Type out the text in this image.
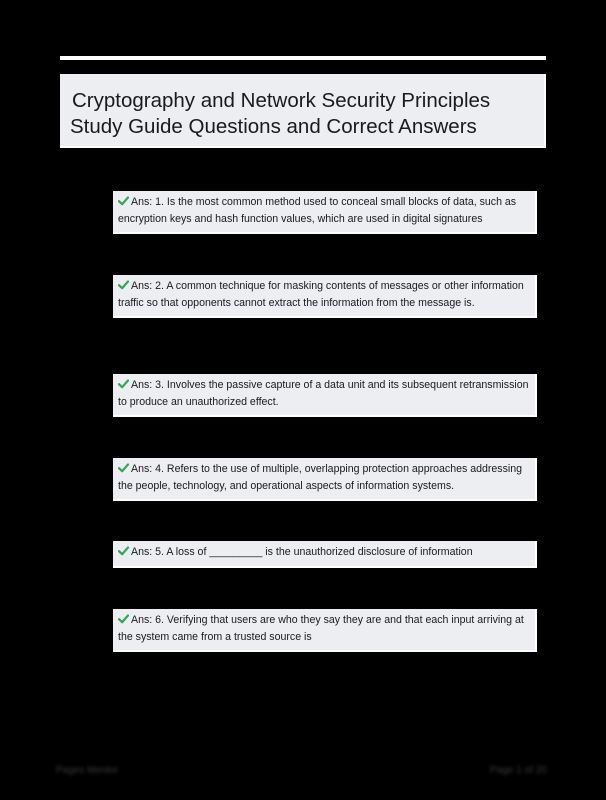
Cryptography and Network Security Principles
Study Guide Questions and Correct Answers
Ans: 1. Is the most common method used to conceal small blocks of data, such as encryption keys and hash function values, which are used in digital signatures
Ans: 2. A common technique for masking contents of messages or other information traffic so that opponents cannot extract the information from the message is.
Ans: 3. Involves the passive capture of a data unit and its subsequent retransmission to produce an unauthorized effect.
Ans: 4. Refers to the use of multiple, overlapping protection approaches addressing the people, technology, and operational aspects of information systems.
Ans: 5. A loss of _________ is the unauthorized disclosure of information
Ans: 6. Verifying that users are who they say they are and that each input arriving at the system came from a trusted source is
Pages Mentor	Page 1 of 20
